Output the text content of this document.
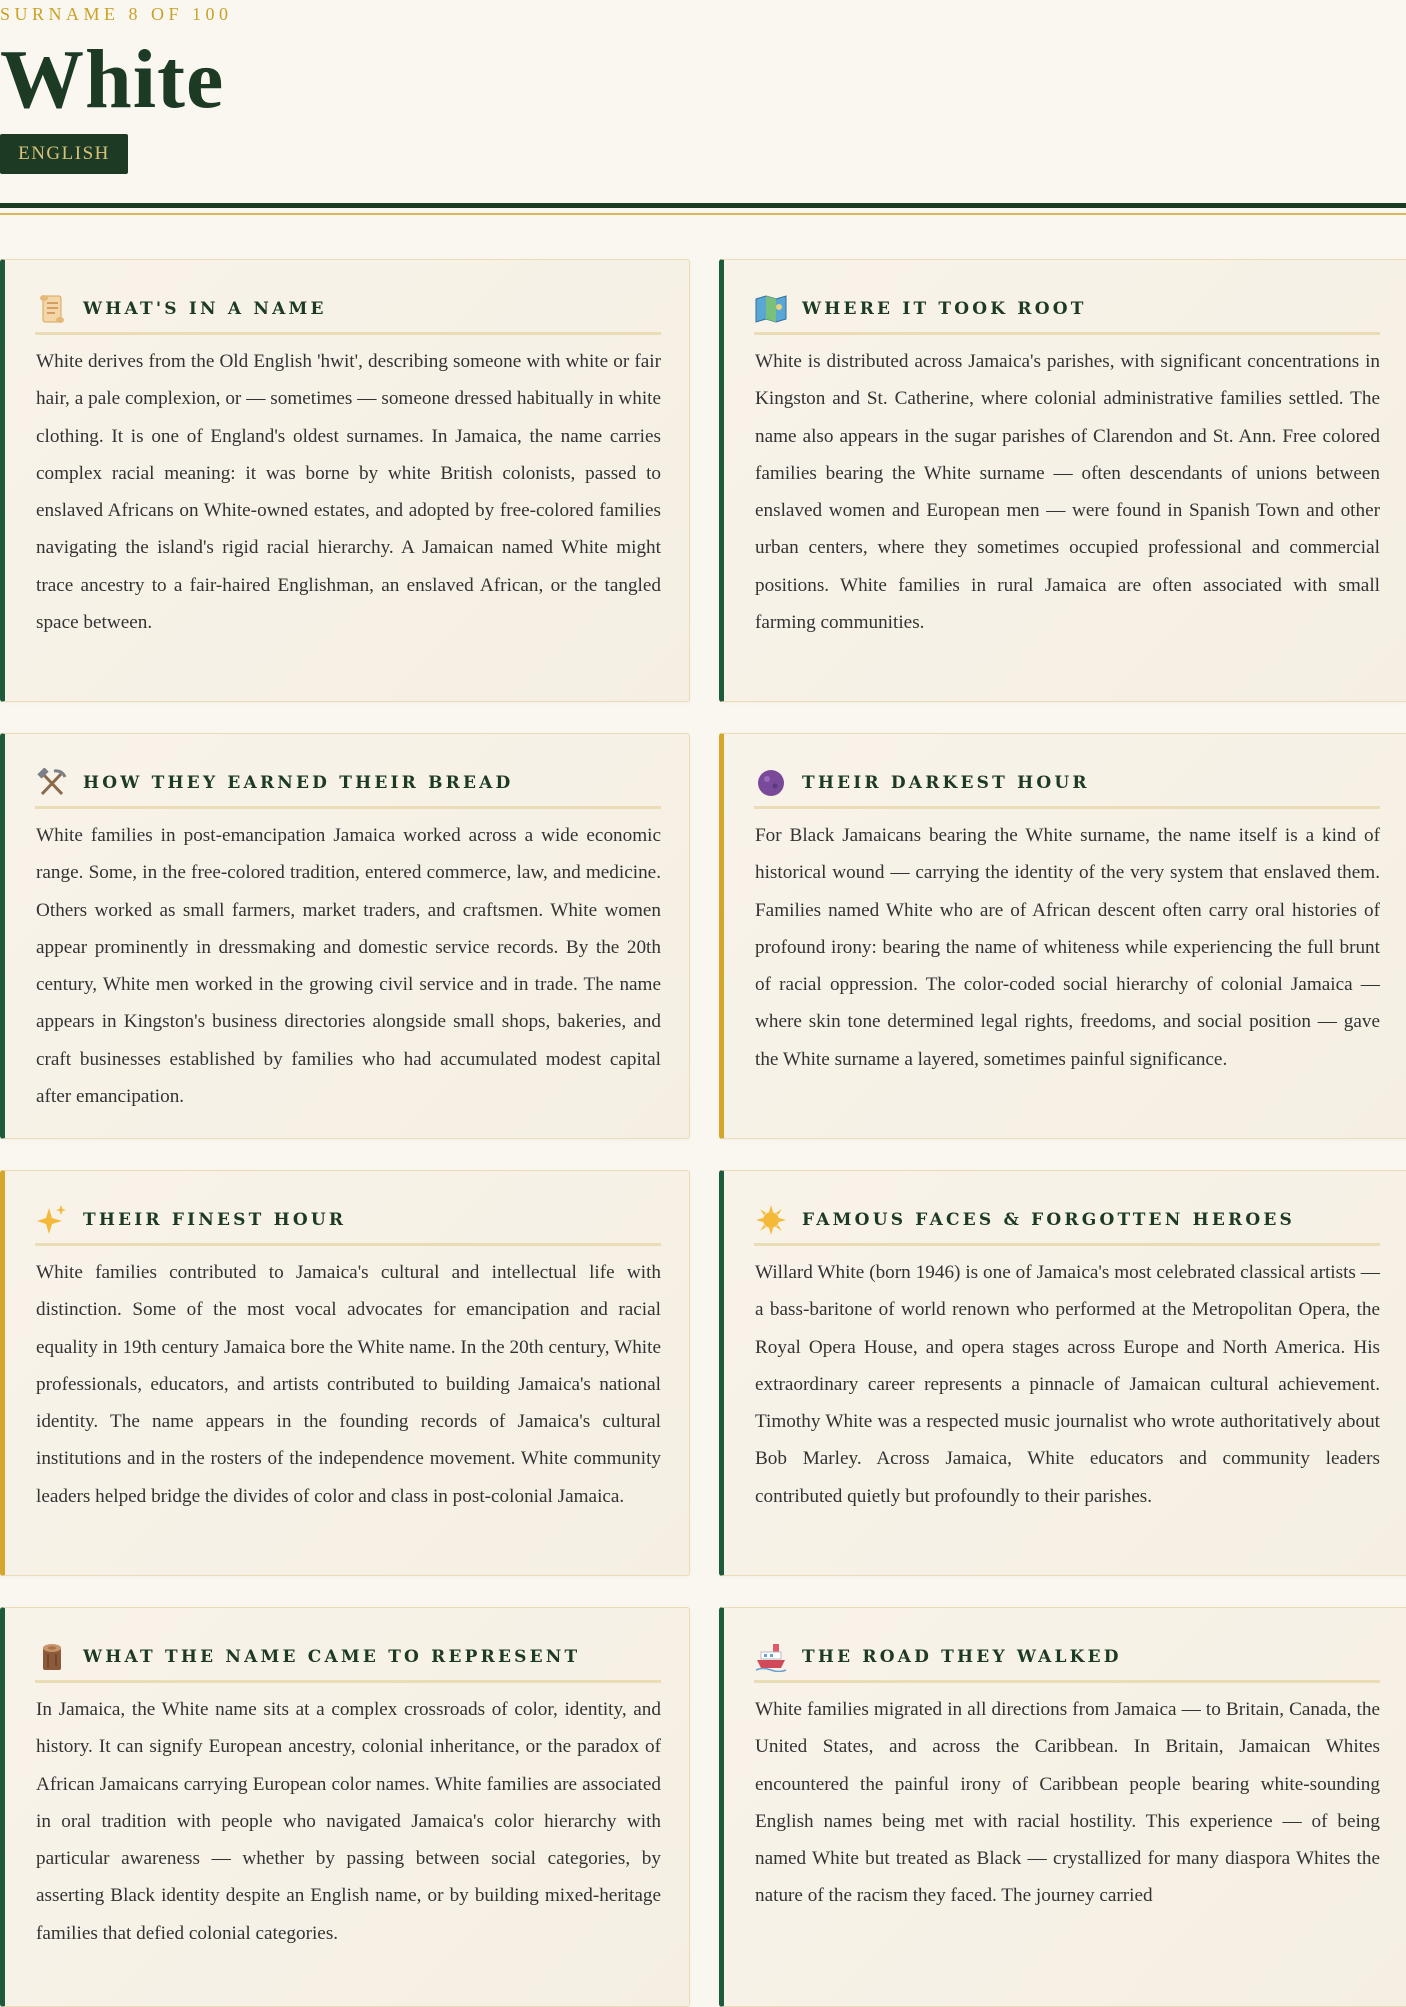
SURNAME 8 OF 100
White
ENGLISH
WHAT'S IN A NAME

White derives from the Old English 'hwit', describing someone with white or fair hair, a pale complexion, or — sometimes — someone dressed habitually in white clothing. It is one of England's oldest surnames. In Jamaica, the name carries complex racial meaning: it was borne by white British colonists, passed to enslaved Africans on White-owned estates, and adopted by free-colored families navigating the island's rigid racial hierarchy. A Jamaican named White might trace ancestry to a fair-haired Englishman, an enslaved African, or the tangled space between.

WHERE IT TOOK ROOT

White is distributed across Jamaica's parishes, with significant concentrations in Kingston and St. Catherine, where colonial administrative families settled. The name also appears in the sugar parishes of Clarendon and St. Ann. Free colored families bearing the White surname — often descendants of unions between enslaved women and European men — were found in Spanish Town and other urban centers, where they sometimes occupied professional and commercial positions. White families in rural Jamaica are often associated with small farming communities.

HOW THEY EARNED THEIR BREAD

White families in post-emancipation Jamaica worked across a wide economic range. Some, in the free-colored tradition, entered commerce, law, and medicine. Others worked as small farmers, market traders, and craftsmen. White women appear prominently in dressmaking and domestic service records. By the 20th century, White men worked in the growing civil service and in trade. The name appears in Kingston's business directories alongside small shops, bakeries, and craft businesses established by families who had accumulated modest capital after emancipation.

THEIR DARKEST HOUR

For Black Jamaicans bearing the White surname, the name itself is a kind of historical wound — carrying the identity of the very system that enslaved them. Families named White who are of African descent often carry oral histories of profound irony: bearing the name of whiteness while experiencing the full brunt of racial oppression. The color-coded social hierarchy of colonial Jamaica — where skin tone determined legal rights, freedoms, and social position — gave the White surname a layered, sometimes painful significance.

THEIR FINEST HOUR

White families contributed to Jamaica's cultural and intellectual life with distinction. Some of the most vocal advocates for emancipation and racial equality in 19th century Jamaica bore the White name. In the 20th century, White professionals, educators, and artists contributed to building Jamaica's national identity. The name appears in the founding records of Jamaica's cultural institutions and in the rosters of the independence movement. White community leaders helped bridge the divides of color and class in post-colonial Jamaica.

FAMOUS FACES & FORGOTTEN HEROES

Willard White (born 1946) is one of Jamaica's most celebrated classical artists — a bass-baritone of world renown who performed at the Metropolitan Opera, the Royal Opera House, and opera stages across Europe and North America. His extraordinary career represents a pinnacle of Jamaican cultural achievement. Timothy White was a respected music journalist who wrote authoritatively about Bob Marley. Across Jamaica, White educators and community leaders contributed quietly but profoundly to their parishes.

WHAT THE NAME CAME TO REPRESENT

In Jamaica, the White name sits at a complex crossroads of color, identity, and history. It can signify European ancestry, colonial inheritance, or the paradox of African Jamaicans carrying European color names. White families are associated in oral tradition with people who navigated Jamaica's color hierarchy with particular awareness — whether by passing between social categories, by asserting Black identity despite an English name, or by building mixed-heritage families that defied colonial categories.

THE ROAD THEY WALKED

White families migrated in all directions from Jamaica — to Britain, Canada, the United States, and across the Caribbean. In Britain, Jamaican Whites encountered the painful irony of Caribbean people bearing white-sounding English names being met with racial hostility. This experience — of being named White but treated as Black — crystallized for many diaspora Whites the nature of the racism they faced. The journey carried
